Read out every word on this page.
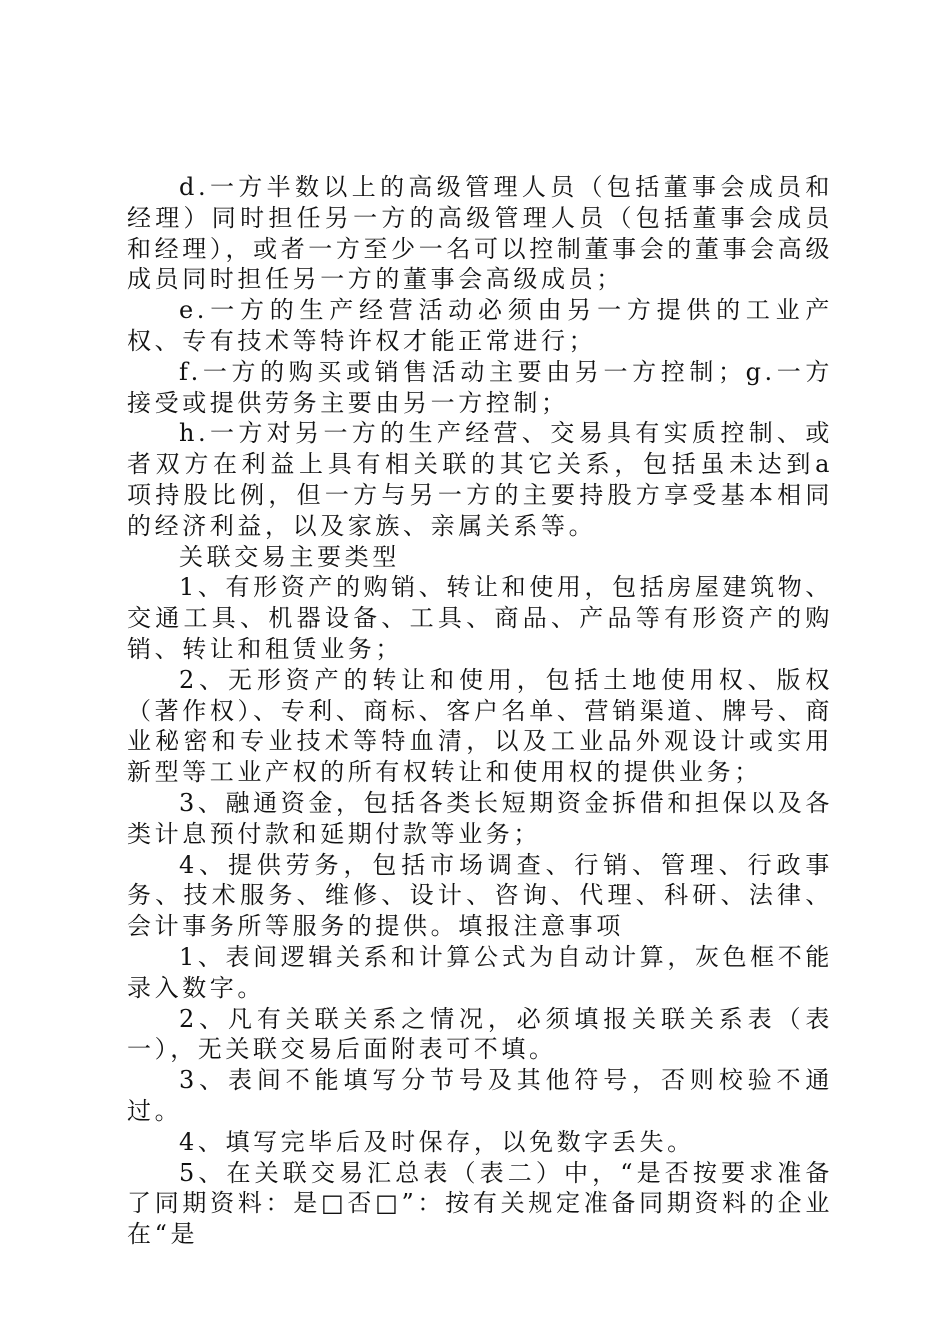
d.一方半数以上的高级管理人员（包括董事会成员和经理）同时担任另一方的高级管理人员（包括董事会成员和经理），或者一方至少一名可以控制董事会的董事会高级成员同时担任另一方的董事会高级成员；

e.一方的生产经营活动必须由另一方提供的工业产权、专有技术等特许权才能正常进行；

f.一方的购买或销售活动主要由另一方控制；g.一方接受或提供劳务主要由另一方控制；

h.一方对另一方的生产经营、交易具有实质控制、或者双方在利益上具有相关联的其它关系，包括虽未达到a项持股比例，但一方与另一方的主要持股方享受基本相同的经济利益，以及家族、亲属关系等。

关联交易主要类型

1、有形资产的购销、转让和使用，包括房屋建筑物、交通工具、机器设备、工具、商品、产品等有形资产的购销、转让和租赁业务；

2、无形资产的转让和使用，包括土地使用权、版权（著作权）、专利、商标、客户名单、营销渠道、牌号、商业秘密和专业技术等特血清，以及工业品外观设计或实用新型等工业产权的所有权转让和使用权的提供业务；

3、融通资金，包括各类长短期资金拆借和担保以及各类计息预付款和延期付款等业务；

4、提供劳务，包括市场调查、行销、管理、行政事务、技术服务、维修、设计、咨询、代理、科研、法律、会计事务所等服务的提供。填报注意事项

1、表间逻辑关系和计算公式为自动计算，灰色框不能录入数字。

2、凡有关联关系之情况，必须填报关联关系表（表一），无关联交易后面附表可不填。

3、表间不能填写分节号及其他符号，否则校验不通过。

4、填写完毕后及时保存，以免数字丢失。

5、在关联交易汇总表（表二）中，“是否按要求准备了同期资料：是□否□”：按有关规定准备同期资料的企业在“是
